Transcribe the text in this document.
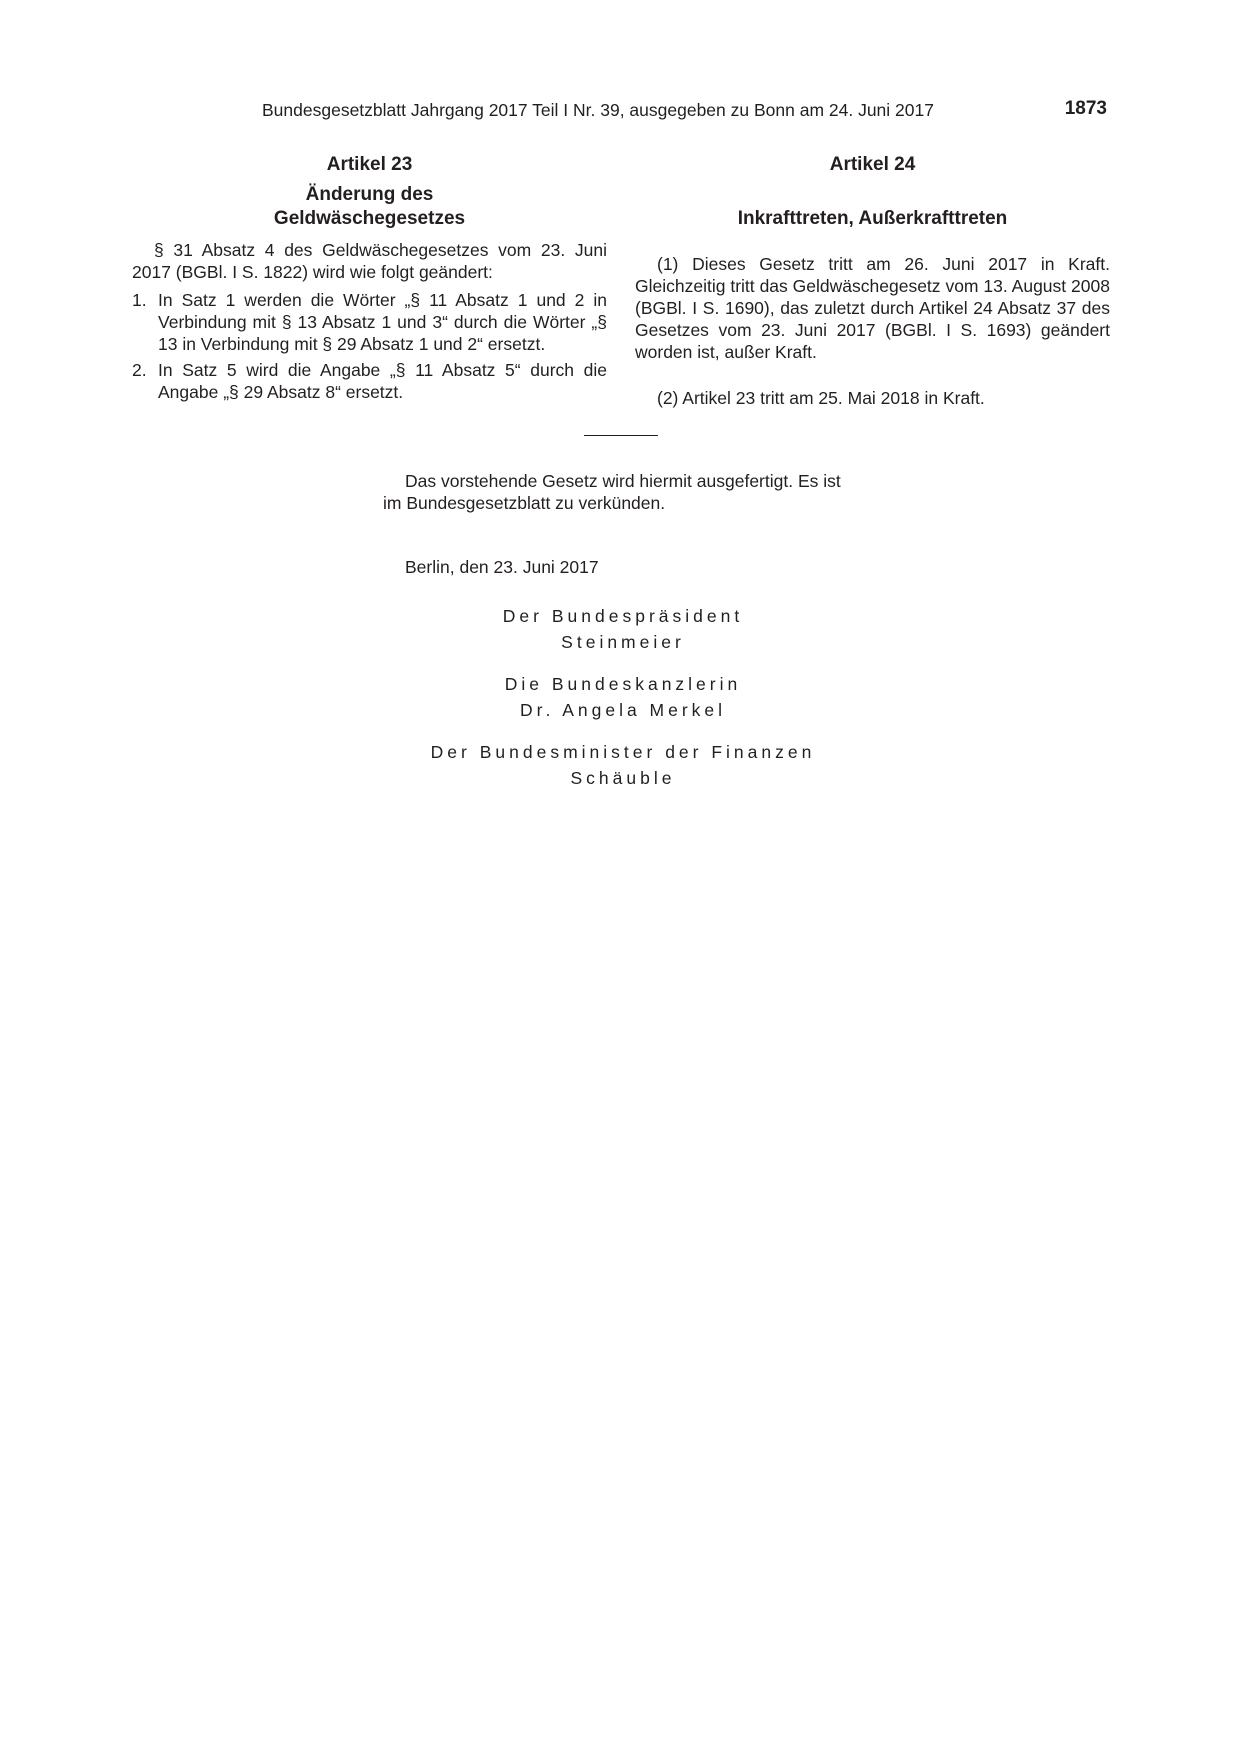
Bundesgesetzblatt Jahrgang 2017 Teil I Nr. 39, ausgegeben zu Bonn am 24. Juni 2017	1873
Artikel 23
Änderung des
Geldwäschegesetzes

§ 31 Absatz 4 des Geldwäschegesetzes vom 23. Juni 2017 (BGBl. I S. 1822) wird wie folgt geändert:

1. In Satz 1 werden die Wörter „§ 11 Absatz 1 und 2 in Verbindung mit § 13 Absatz 1 und 3“ durch die Wörter „§ 13 in Verbindung mit § 29 Absatz 1 und 2“ ersetzt.
2. In Satz 5 wird die Angabe „§ 11 Absatz 5“ durch die Angabe „§ 29 Absatz 8“ ersetzt.
Artikel 24
Inkrafttreten, Außerkrafttreten

(1) Dieses Gesetz tritt am 26. Juni 2017 in Kraft. Gleichzeitig tritt das Geldwäschegesetz vom 13. August 2008 (BGBl. I S. 1690), das zuletzt durch Artikel 24 Absatz 37 des Gesetzes vom 23. Juni 2017 (BGBl. I S. 1693) geändert worden ist, außer Kraft.

(2) Artikel 23 tritt am 25. Mai 2018 in Kraft.

Das vorstehende Gesetz wird hiermit ausgefertigt. Es ist im Bundesgesetzblatt zu verkünden.

Berlin, den 23. Juni 2017

Der Bundespräsident
Steinmeier
Die Bundeskanzlerin
Dr. Angela Merkel
Der Bundesminister der Finanzen
Schäuble
